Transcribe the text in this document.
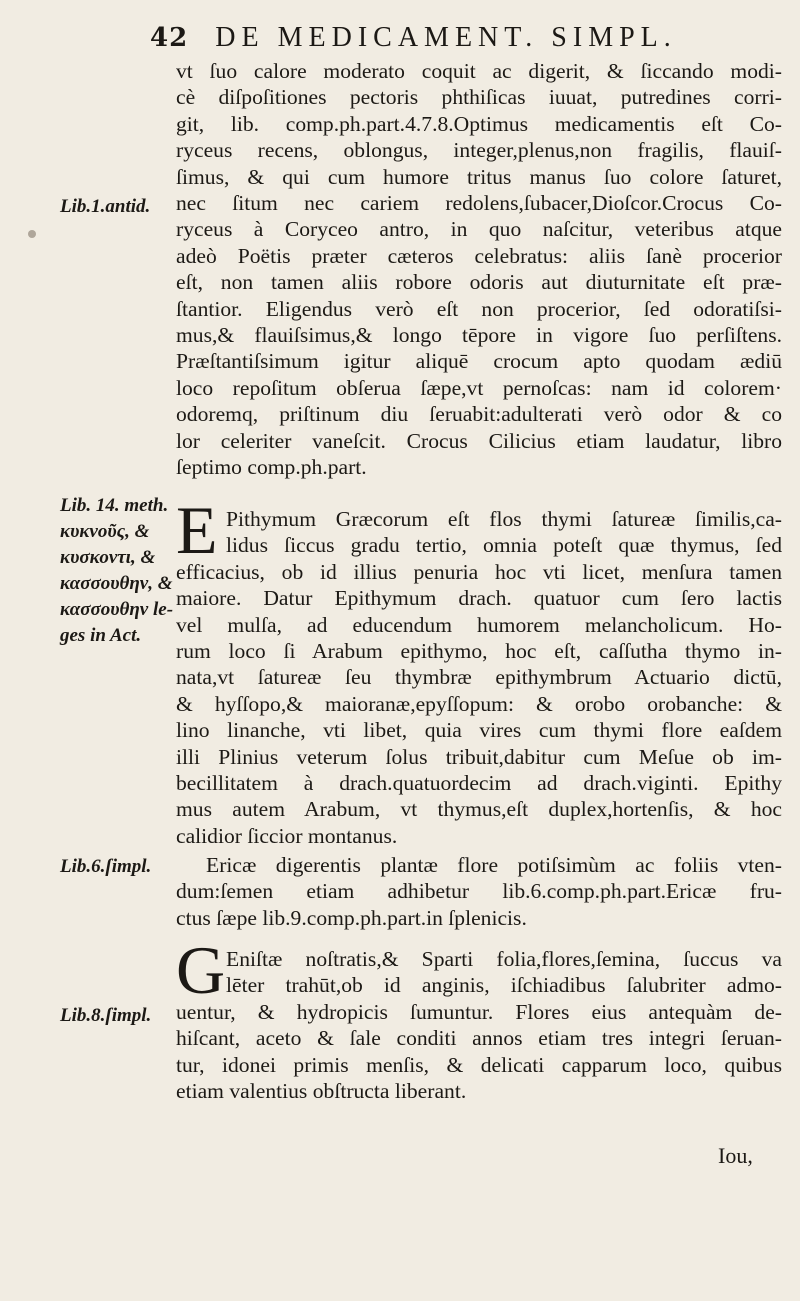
42 DE MEDICAMENT. SIMPL.
vt ſuo calore moderato coquit ac digerit, & ſiccando modi-
cè diſpoſitiones pectoris phthiſicas iuuat, putredines corri-
git, lib. comp.ph.part.4.7.8.Optimus medicamentis eſt Co-
ryceus recens, oblongus, integer,plenus,non fragilis, flauiſ-
ſimus, & qui cum humore tritus manus ſuo colore ſaturet,
nec ſitum nec cariem redolens,ſubacer,Dioſcor.Crocus Co-
ryceus à Coryceo antro, in quo naſcitur, veteribus atque
adeò Poëtis præter cæteros celebratus: aliis ſanè procerior
eſt, non tamen aliis robore odoris aut diuturnitate eſt præ-
ſtantior. Eligendus verò eſt non procerior, ſed odoratiſsi-
mus,& flauiſsimus,& longo tēpore in vigore ſuo perſiſtens.
Præſtantiſsimum igitur aliquē crocum apto quodam ædiū
loco repoſitum obſerua ſæpe,vt pernoſcas: nam id colorem·
odoremq, priſtinum diu ſeruabit:adulterati verò odor & co
lor celeriter vaneſcit. Crocus Cilicius etiam laudatur, libro
ſeptimo comp.ph.part.
E Pithymum Græcorum eſt flos thymi ſatureæ ſimilis,ca-
lidus ſiccus gradu tertio, omnia poteſt quæ thymus, ſed
efficacius, ob id illius penuria hoc vti licet, menſura tamen
maiore. Datur Epithymum drach. quatuor cum ſero lactis
vel mulſa, ad educendum humorem melancholicum. Ho-
rum loco ſi Arabum epithymo, hoc eſt, caſſutha thymo in-
nata,vt ſatureæ ſeu thymbræ epithymbrum Actuario dictū,
& hyſſopo,& maioranæ,epyſſopum: & orobo orobanche: &
lino linanche, vti libet, quia vires cum thymi flore eaſdem
illi Plinius veterum ſolus tribuit,dabitur cum Meſue ob im-
becillitatem à drach.quatuordecim ad drach.viginti. Epithy
mus autem Arabum, vt thymus,eſt duplex,hortenſis, & hoc
calidior ſiccior montanus.
Ericæ digerentis plantæ flore potiſsimùm ac foliis vten-
dum:ſemen etiam adhibetur lib.6.comp.ph.part.Ericæ fru-
ctus ſæpe lib.9.comp.ph.part.in ſplenicis.
G Eniſtæ noſtratis,& Sparti folia,flores,ſemina, ſuccus va
lēter trahūt,ob id anginis, iſchiadibus ſalubriter admo-
uentur, & hydropicis ſumuntur. Flores eius antequàm de-
hiſcant, aceto & ſale conditi annos etiam tres integri ſeruan-
tur, idonei primis menſis, & delicati capparum loco, quibus
etiam valentius obſtructa liberant.
Lib.1.antid.
Lib. 14. meth.
κυκνοῦς, &
κυσκοντι, &
κασσουθην, &
κασσουθην le-
ges in Act.
Lib.6.ſimpl.
Lib.8.ſimpl.
Iou,
